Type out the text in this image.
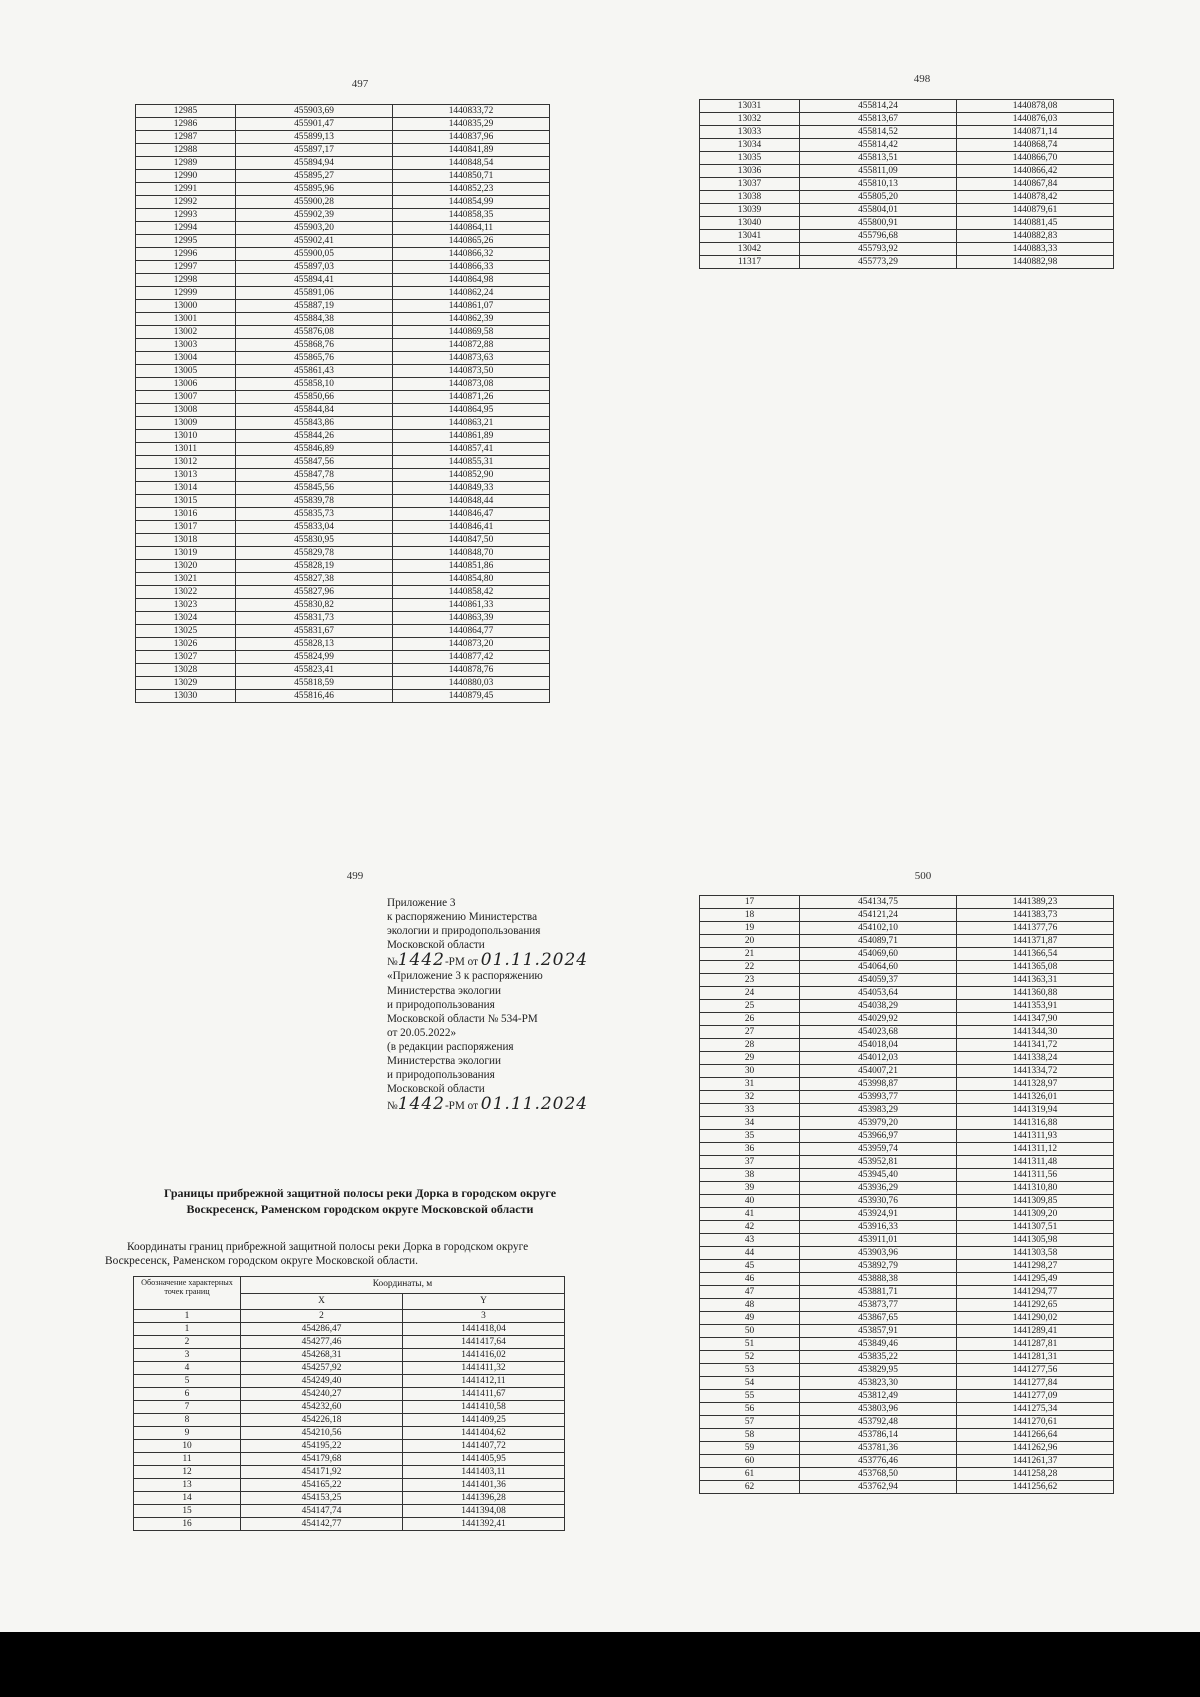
497	498
499	500
12985	455903,69	1440833,72
12986	455901,47	1440835,29
12987	455899,13	1440837,96
12988	455897,17	1440841,89
12989	455894,94	1440848,54
12990	455895,27	1440850,71
12991	455895,96	1440852,23
12992	455900,28	1440854,99
12993	455902,39	1440858,35
12994	455903,20	1440864,11
12995	455902,41	1440865,26
12996	455900,05	1440866,32
12997	455897,03	1440866,33
12998	455894,41	1440864,98
12999	455891,06	1440862,24
13000	455887,19	1440861,07
13001	455884,38	1440862,39
13002	455876,08	1440869,58
13003	455868,76	1440872,88
13004	455865,76	1440873,63
13005	455861,43	1440873,50
13006	455858,10	1440873,08
13007	455850,66	1440871,26
13008	455844,84	1440864,95
13009	455843,86	1440863,21
13010	455844,26	1440861,89
13011	455846,89	1440857,41
13012	455847,56	1440855,31
13013	455847,78	1440852,90
13014	455845,56	1440849,33
13015	455839,78	1440848,44
13016	455835,73	1440846,47
13017	455833,04	1440846,41
13018	455830,95	1440847,50
13019	455829,78	1440848,70
13020	455828,19	1440851,86
13021	455827,38	1440854,80
13022	455827,96	1440858,42
13023	455830,82	1440861,33
13024	455831,73	1440863,39
13025	455831,67	1440864,77
13026	455828,13	1440873,20
13027	455824,99	1440877,42
13028	455823,41	1440878,76
13029	455818,59	1440880,03
13030	455816,46	1440879,45
13031	455814,24	1440878,08
13032	455813,67	1440876,03
13033	455814,52	1440871,14
13034	455814,42	1440868,74
13035	455813,51	1440866,70
13036	455811,09	1440866,42
13037	455810,13	1440867,84
13038	455805,20	1440878,42
13039	455804,01	1440879,61
13040	455800,91	1440881,45
13041	455796,68	1440882,83
13042	455793,92	1440883,33
11317	455773,29	1440882,98
Приложение 3
к распоряжению Министерства
экологии и природопользования
Московской области
№1442-РМ от 01.11.2024
«Приложение 3 к распоряжению
Министерства экологии
и природопользования
Московской области № 534-РМ
от 20.05.2022»
(в редакции распоряжения
Министерства экологии
и природопользования
Московской области
№1442-РМ от 01.11.2024
Границы прибрежной защитной полосы реки Дорка в городском округе
Воскресенск, Раменском городском округе Московской области
Координаты границ прибрежной защитной полосы реки Дорка в городском округе Воскресенск, Раменском городском округе Московской области.
Обозначение характерных точек границ	Координаты, м	
	X	Y
1	2	3
1	454286,47	1441418,04
2	454277,46	1441417,64
3	454268,31	1441416,02
4	454257,92	1441411,32
5	454249,40	1441412,11
6	454240,27	1441411,67
7	454232,60	1441410,58
8	454226,18	1441409,25
9	454210,56	1441404,62
10	454195,22	1441407,72
11	454179,68	1441405,95
12	454171,92	1441403,11
13	454165,22	1441401,36
14	454153,25	1441396,28
15	454147,74	1441394,08
16	454142,77	1441392,41
17	454134,75	1441389,23
18	454121,24	1441383,73
19	454102,10	1441377,76
20	454089,71	1441371,87
21	454069,60	1441366,54
22	454064,60	1441365,08
23	454059,37	1441363,31
24	454053,64	1441360,88
25	454038,29	1441353,91
26	454029,92	1441347,90
27	454023,68	1441344,30
28	454018,04	1441341,72
29	454012,03	1441338,24
30	454007,21	1441334,72
31	453998,87	1441328,97
32	453993,77	1441326,01
33	453983,29	1441319,94
34	453979,20	1441316,88
35	453966,97	1441311,93
36	453959,74	1441311,12
37	453952,81	1441311,48
38	453945,40	1441311,56
39	453936,29	1441310,80
40	453930,76	1441309,85
41	453924,91	1441309,20
42	453916,33	1441307,51
43	453911,01	1441305,98
44	453903,96	1441303,58
45	453892,79	1441298,27
46	453888,38	1441295,49
47	453881,71	1441294,77
48	453873,77	1441292,65
49	453867,65	1441290,02
50	453857,91	1441289,41
51	453849,46	1441287,81
52	453835,22	1441281,31
53	453829,95	1441277,56
54	453823,30	1441277,84
55	453812,49	1441277,09
56	453803,96	1441275,34
57	453792,48	1441270,61
58	453786,14	1441266,64
59	453781,36	1441262,96
60	453776,46	1441261,37
61	453768,50	1441258,28
62	453762,94	1441256,62
